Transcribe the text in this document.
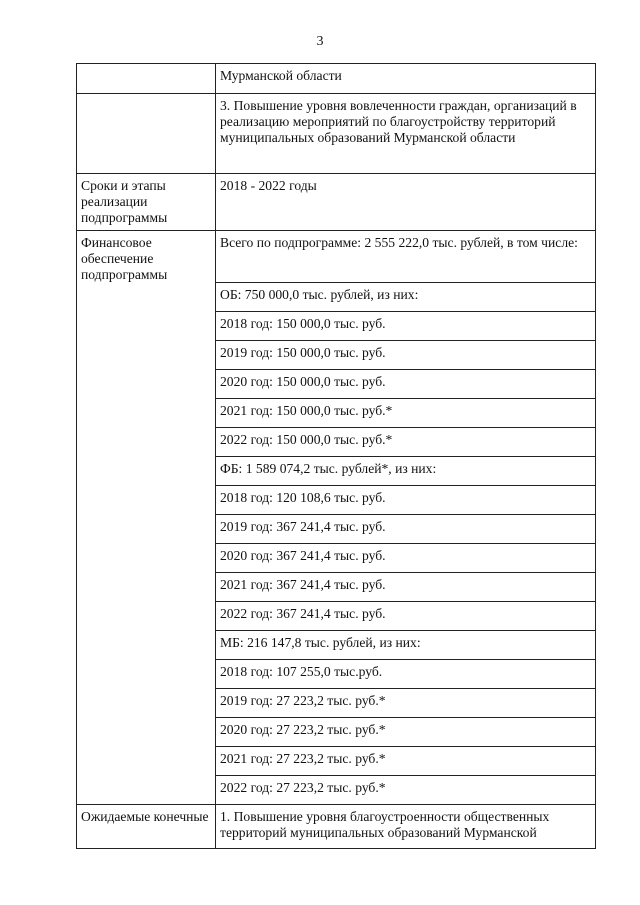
3
	Мурманской области
	3. Повышение уровня вовлеченности граждан, организаций в реализацию мероприятий по благоустройству территорий муниципальных образований Мурманской области
Сроки и этапы реализации подпрограммы	2018 - 2022 годы
Финансовое обеспечение подпрограммы	Всего по подпрограмме: 2 555 222,0 тыс. рублей, в том числе:
	ОБ: 750 000,0 тыс. рублей, из них:
	2018 год: 150 000,0 тыс. руб.
	2019 год: 150 000,0 тыс. руб.
	2020 год: 150 000,0 тыс. руб.
	2021 год: 150 000,0 тыс. руб.*
	2022 год: 150 000,0 тыс. руб.*
	ФБ: 1 589 074,2 тыс. рублей*, из них:
	2018 год: 120 108,6 тыс. руб.
	2019 год: 367 241,4 тыс. руб.
	2020 год: 367 241,4 тыс. руб.
	2021 год: 367 241,4 тыс. руб.
	2022 год: 367 241,4 тыс. руб.
	МБ: 216 147,8 тыс. рублей, из них:
	2018 год: 107 255,0 тыс.руб.
	2019 год: 27 223,2 тыс. руб.*
	2020 год: 27 223,2 тыс. руб.*
	2021 год: 27 223,2 тыс. руб.*
	2022 год: 27 223,2 тыс. руб.*
Ожидаемые конечные	1. Повышение уровня благоустроенности общественных территорий муниципальных образований Мурманской
